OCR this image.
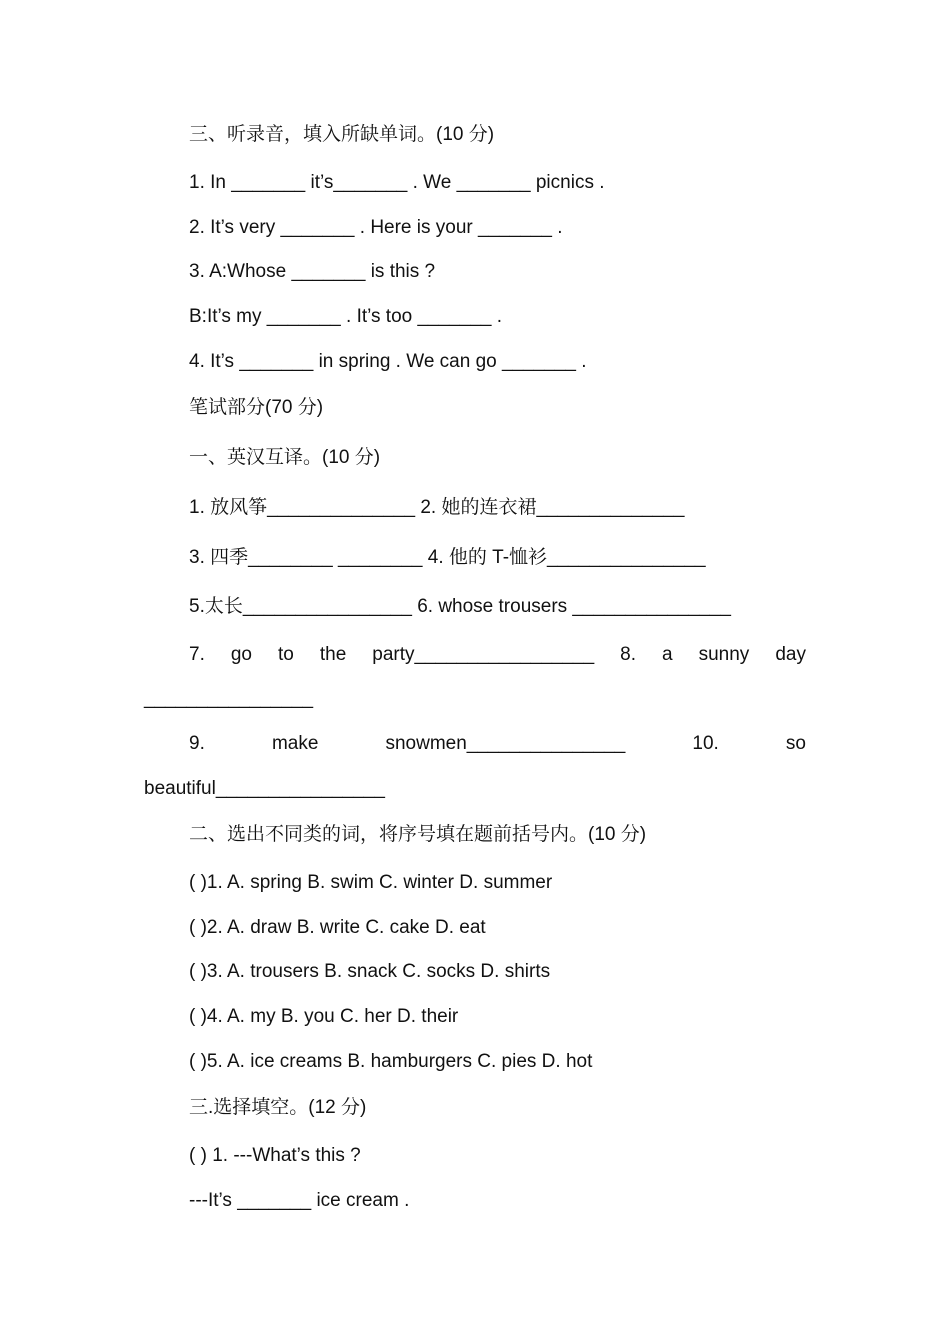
三、听录音，填入所缺单词。(10 分)
1. In _______ it’s_______ . We _______ picnics .
2. It’s very _______ . Here is your _______ .
3. A:Whose _______ is this ?
B:It’s my _______ . It’s too _______ .
4. It’s _______ in spring . We can go _______ .
笔试部分(70 分)
一、英汉互译。(10 分)
1. 放风筝______________ 2. 她的连衣裙______________
3. 四季________ ________ 4. 他的 T-恤衫_______________
5.太长________________ 6. whose trousers _______________
7. go to the party_________________ 8. a sunny day
________________
9.	make	snowmen_______________	10.	so
beautiful________________
二、选出不同类的词，将序号填在题前括号内。(10 分)
( )1. A. spring B. swim C. winter D. summer
( )2. A. draw B. write C. cake D. eat
( )3. A. trousers B. snack C. socks D. shirts
( )4. A. my B. you C. her D. their
( )5. A. ice creams B. hamburgers C. pies D. hot
三.选择填空。(12 分)
( ) 1. ---What’s this ?
---It’s _______ ice cream .
